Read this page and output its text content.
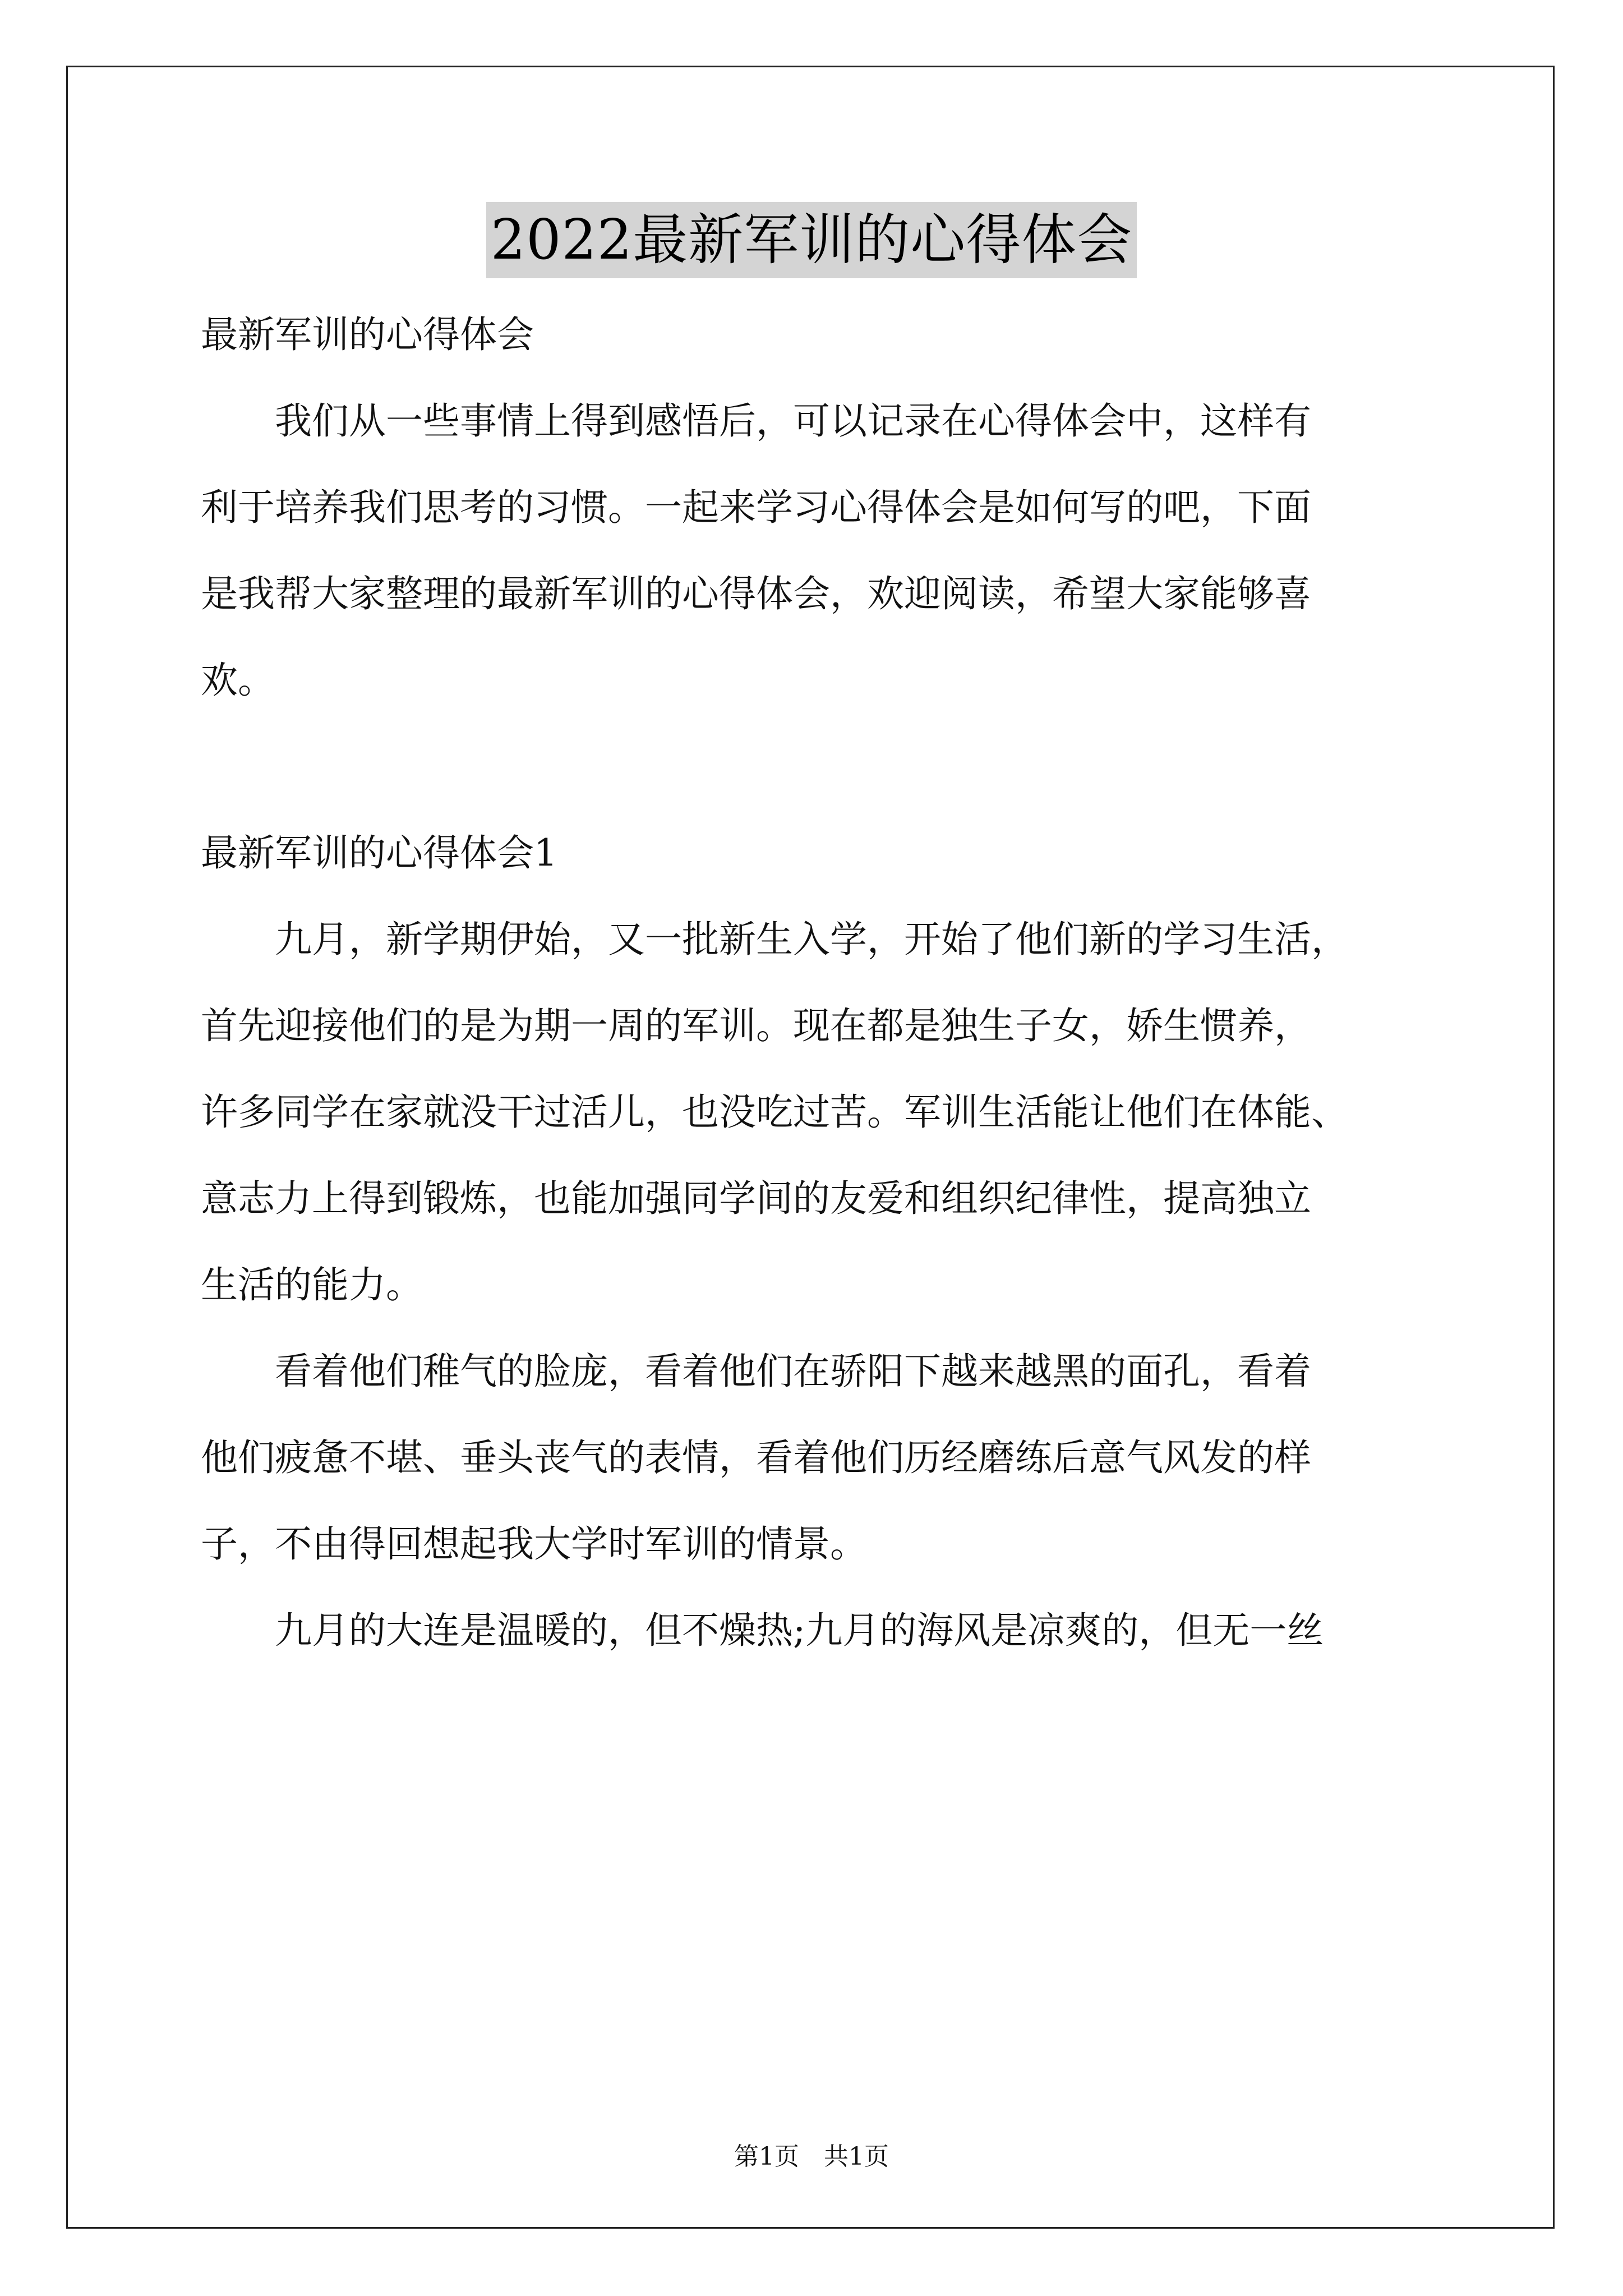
2022最新军训的心得体会
最新军训的心得体会
我们从一些事情上得到感悟后，可以记录在心得体会中，这样有
利于培养我们思考的习惯。一起来学习心得体会是如何写的吧，下面
是我帮大家整理的最新军训的心得体会，欢迎阅读，希望大家能够喜
欢。
最新军训的心得体会1
九月，新学期伊始，又一批新生入学，开始了他们新的学习生活，
首先迎接他们的是为期一周的军训。现在都是独生子女，娇生惯养，
许多同学在家就没干过活儿，也没吃过苦。军训生活能让他们在体能、
意志力上得到锻炼，也能加强同学间的友爱和组织纪律性，提高独立
生活的能力。
看着他们稚气的脸庞，看着他们在骄阳下越来越黑的面孔，看着
他们疲惫不堪、垂头丧气的表情，看着他们历经磨练后意气风发的样
子，不由得回想起我大学时军训的情景。
九月的大连是温暖的，但不燥热;九月的海风是凉爽的，但无一丝
第1页　共1页
